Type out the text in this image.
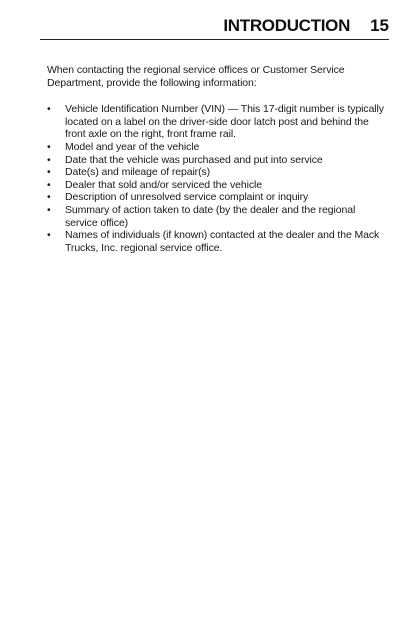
INTRODUCTION 15

When contacting the regional service offices or Customer Service Department, provide the following information:

• Vehicle Identification Number (VIN) — This 17-digit number is typically located on a label on the driver-side door latch post and behind the front axle on the right, front frame rail.
• Model and year of the vehicle
• Date that the vehicle was purchased and put into service
• Date(s) and mileage of repair(s)
• Dealer that sold and/or serviced the vehicle
• Description of unresolved service complaint or inquiry
• Summary of action taken to date (by the dealer and the regional service office)
• Names of individuals (if known) contacted at the dealer and the Mack Trucks, Inc. regional service office.
